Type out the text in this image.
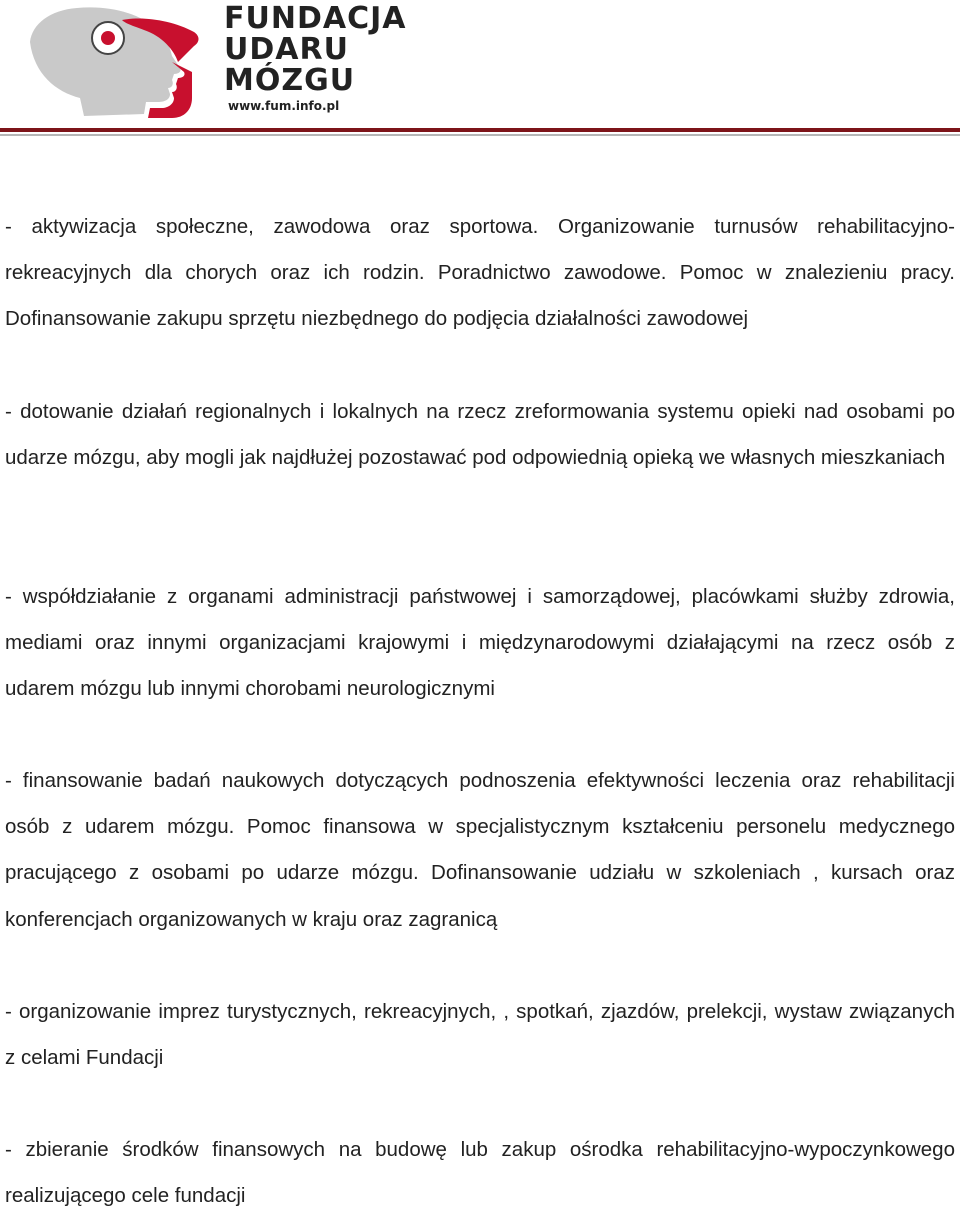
FUNDACJA
UDARU
MÓZGU
www.fum.info.pl

- aktywizacja społeczne, zawodowa oraz sportowa. Organizowanie turnusów rehabilitacyjno-rekreacyjnych dla chorych oraz ich rodzin. Poradnictwo zawodowe. Pomoc w znalezieniu pracy. Dofinansowanie zakupu sprzętu niezbędnego do podjęcia działalności zawodowej

- dotowanie działań regionalnych i lokalnych na rzecz zreformowania systemu opieki nad osobami po udarze mózgu, aby mogli jak najdłużej pozostawać pod odpowiednią opieką we własnych mieszkaniach

- współdziałanie z organami administracji państwowej i samorządowej, placówkami służby zdrowia, mediami oraz innymi organizacjami krajowymi i międzynarodowymi działającymi na rzecz osób z udarem mózgu lub innymi chorobami neurologicznymi

- finansowanie badań naukowych dotyczących podnoszenia efektywności leczenia oraz rehabilitacji osób z udarem mózgu. Pomoc finansowa w specjalistycznym kształceniu personelu medycznego pracującego z osobami po udarze mózgu. Dofinansowanie udziału w szkoleniach , kursach oraz konferencjach organizowanych w kraju oraz zagranicą

- organizowanie imprez turystycznych, rekreacyjnych, , spotkań, zjazdów, prelekcji, wystaw związanych z celami Fundacji

- zbieranie środków finansowych na budowę lub zakup ośrodka rehabilitacyjno-wypoczynkowego realizującego cele fundacji
